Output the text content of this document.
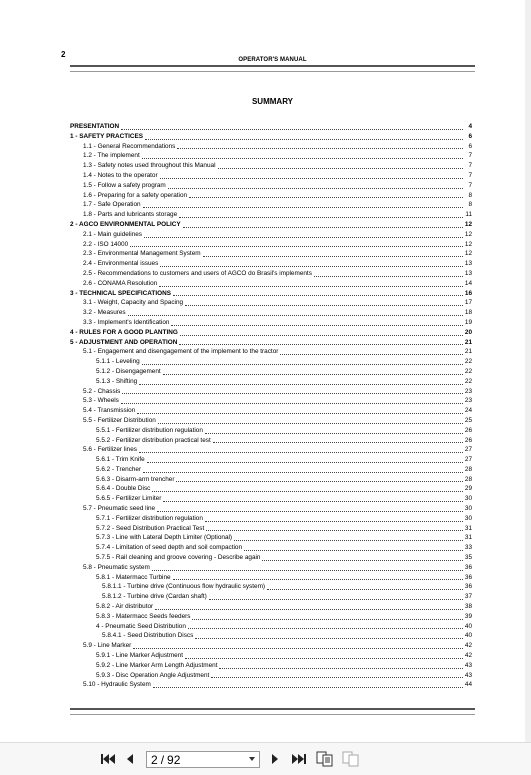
2
OPERATOR'S MANUAL
SUMMARY
PRESENTATION	4
1 - SAFETY PRACTICES	6
1.1 - General Recommendations	6
1.2 - The implement	7
1.3 - Safety notes used throughout this Manual	7
1.4 - Notes to the operator	7
1.5 - Follow a safety program	7
1.6 - Preparing for a safety operation	8
1.7 - Safe Operation	8
1.8 - Parts and lubricants storage	11
2 - AGCO ENVIRONMENTAL POLICY	12
2.1 - Main guidelines	12
2.2 - ISO 14000	12
2.3 - Environmental Management System	12
2.4 - Environmental issues	13
2.5 - Recommendations to customers and users of AGCO do Brasil's implements	13
2.6 - CONAMA Resolution	14
3 - TECHNICAL SPECIFICATIONS	16
3.1 - Weight, Capacity and Spacing	17
3.2 - Measures	18
3.3 - Implement's Identification	19
4 - RULES FOR A GOOD PLANTING	20
5 - ADJUSTMENT AND OPERATION	21
5.1 - Engagement and disengagement of the implement to the tractor	21
5.1.1 - Leveling	22
5.1.2 - Disengagement	22
5.1.3 - Shifting	22
5.2 - Chassis	23
5.3 - Wheels	23
5.4 - Transmission	24
5.5 - Fertilizer Distribution	25
5.5.1 - Fertilizer distribution regulation	26
5.5.2 - Fertilizer distribution practical test	26
5.6 - Fertilizer lines	27
5.6.1 - Trim Knife	27
5.6.2 - Trencher	28
5.6.3 - Disarm-arm trencher	28
5.6.4 - Double Disc	29
5.6.5 - Fertilizer Limiter	30
5.7 - Pneumatic seed line	30
5.7.1 - Fertilizer distribution regulation	30
5.7.2 - Seed Distribution Practical Test	31
5.7.3 - Line with Lateral Depth Limiter (Optional)	31
5.7.4 - Limitation of seed depth and soil compaction	33
5.7.5 - Rail cleaning and groove covering - Describe again	35
5.8 - Pneumatic system	36
5.8.1 - Matermacc Turbine	36
5.8.1.1 - Turbine drive (Continuous flow hydraulic system)	36
5.8.1.2 - Turbine drive (Cardan shaft)	37
5.8.2 - Air distributor	38
5.8.3 - Matermacc Seeds feeders	39
4 - Pneumatic Seed Distribution	40
5.8.4.1 - Seed Distribution Discs	40
5.9 - Line Marker	42
5.9.1 - Line Marker Adjustment	42
5.9.2 - Line Marker Arm Length Adjustment	43
5.9.3 - Disc Operation Angle Adjustment	43
5.10 - Hydraulic System	44
2 / 92
